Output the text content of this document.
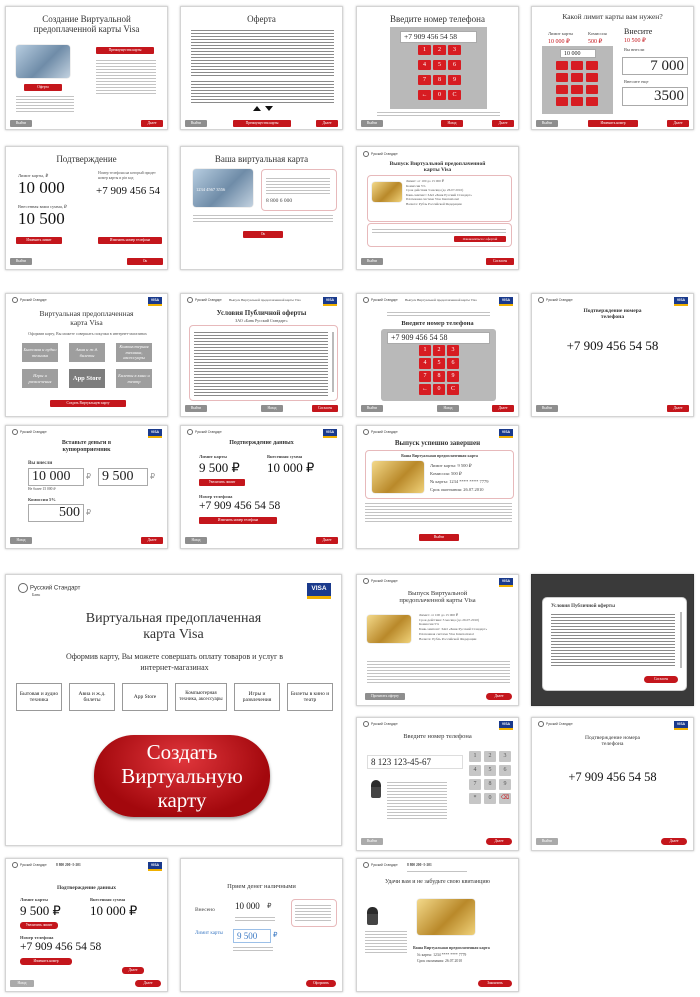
Создание Виртуальной предоплаченной карты Visa
Оферта
Преимущества карты
Выйти	Далее
Оферта
Выйти	Преимущества карты	Далее
Введите номер телефона
+7 909 456 54 58
1	2	3
4	5	6
7	8	9
←	0	C
Выйти	Назад	Далее
Какой лимит карты вам нужен?
Лимит карты	Комиссия
10 000 ₽	500 ₽
10 000
Внесите
10 500 ₽
Вы внесли
7 000
Внесите еще
3500
Выйти	Изменить номер	Далее
Подтверждение
Лимит карты, ₽
10 000
Внесенная вами сумма, ₽
10 500
Номер телефона на который придет номер карты и pin код
+7 909 456 54
Изменить лимит	Изменить номер телефона
Выйти	Ок
Ваша виртуальная карта
1234 4567 3556
8 800 6 000
Ок
Русский Стандарт
Выпуск Виртуальной предоплаченной карты Visa
Лимит: от 100 до 15 000 ₽
Комиссия 5%
Срок действия 3 месяца (до 26.07.2010)
Банк-эмитент: ЗАО «Банк Русский Стандарт»
Платежная система Visa International
Валюта: Рубль Российской Федерации
Ознакомиться с офертой
Выйти	Согласен
Русский Стандарт	VISA
Виртуальная предоплаченная карта Visa
Оформив карту, Вы можете совершать покупки в интернет-магазинах
Бытовая и аудио техника
Авиа и ж.д. билеты
Компьютерная техника, аксессуары
Игры и развлечения	App Store	Билеты в кино и театр
Создать Виртуальную карту
Русский Стандарт Выпуск Виртуальной предоплаченной карты Visa	VISA
Условия Публичной оферты
ЗАО «Банк Русский Стандарт»
Выйти	Назад	Согласен
Русский Стандарт Выпуск Виртуальной предоплаченной карты Visa	VISA
Введите номер телефона
+7 909 456 54 58
1	2	3
4	5	6
7	8	9
←	0	C
Выйти	Назад	Далее
Русский Стандарт	VISA
Подтверждение номера телефона
+7 909 456 54 58
Выйти	Далее
Русский Стандарт	VISA
Вставьте деньги в купюроприемник
Вы внесли
10 000	₽
Не более 15 000 ₽
9 500	₽
Комиссия 5%
500 ₽
Назад	Далее
Русский Стандарт	VISA
Подтверждение данных
Лимит карты
9 500 ₽
Внесенная сумма
10 000 ₽
Увеличить лимит
Номер телефона
+7 909 456 54 58
Изменить номер телефона
Назад	Далее
Русский Стандарт	VISA
Выпуск успешно завершен
Ваша Виртуальная предоплаченная карта
Лимит карты: 9 500 ₽
Комиссия: 500 ₽
№ карты: 1234 **** **** 7779
Срок окончания: 26.07.2010
Выйти
Русский Стандарт
Банк
VISA
Виртуальная предоплаченная карта Visa
Оформив карту, Вы можете совершать оплату товаров и услуг в интернет-магазинах
Бытовая и аудио техника
Авиа и ж.д. билеты
App Store
Компьютерная техника, аксессуары
Игры и развлечения
Билеты в кино и театр
Создать Виртуальную карту
Русский Стандарт	VISA
Выпуск Виртуальной предоплаченной карты Visa
Лимит: от 100 до 15 000 ₽
Срок действия: 3 месяца (до 26.07.2010)
Комиссия 5%
Банк-эмитент: ЗАО «Банк Русский Стандарт»
Платежная система Visa International
Валюта: Рубль Российской Федерации
Прочитать оферту	Далее
Условия Публичной оферты
Согласен
Русский Стандарт	VISA
Введите номер телефона
8 123 123-45-67
1	2	3
4	5	6
7	8	9
*	0	⌫
Выйти	Далее
Русский Стандарт	VISA
Подтверждение номера телефона
+7 909 456 54 58
Выйти	Далее
Русский Стандарт	8 800 200 -5-201	VISA
Подтверждение данных
Лимит карты
9 500 ₽
Внесенная сумма
10 000 ₽
Увеличить лимит
Номер телефона
+7 909 456 54 58
Изменить номер
Далее
Назад	Далее
Прием денег наличными
Внесено 10 000 ₽
Лимит карты	9 500	₽
Оформить
Русский Стандарт	8 800 200 -5-201
Удачи вам и не забудьте свою квитанцию
Ваша Виртуальная предоплаченная карта
№ карты: 1234 **** **** 7779
Срок окончания: 26.07.2010
Закончить
